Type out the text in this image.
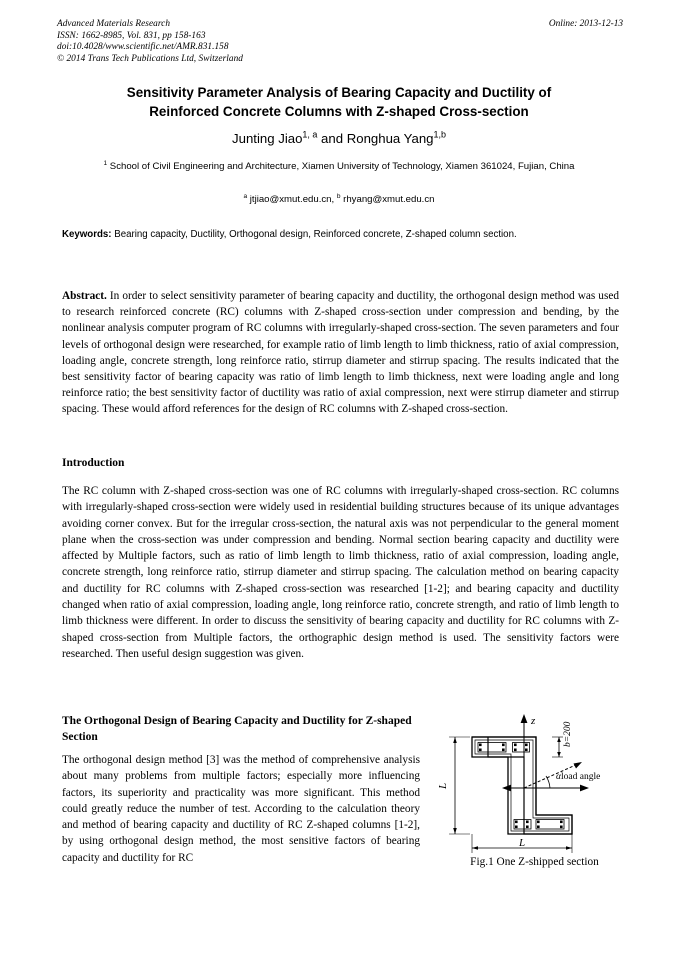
Advanced Materials Research
ISSN: 1662-8985, Vol. 831, pp 158-163
doi:10.4028/www.scientific.net/AMR.831.158
© 2014 Trans Tech Publications Ltd, Switzerland
Online: 2013-12-13
Sensitivity Parameter Analysis of Bearing Capacity and Ductility of
Reinforced Concrete Columns with Z-shaped Cross-section
Junting Jiao$^{1, a}$ and Ronghua Yang$^{1,b}$
$^1$ School of Civil Engineering and Architecture, Xiamen University of Technology, Xiamen 361024, Fujian, China
$^a$ jtjiao@xmut.edu.cn, $^b$ rhyang@xmut.edu.cn
Keywords: Bearing capacity, Ductility, Orthogonal design, Reinforced concrete, Z-shaped column section.
Abstract. In order to select sensitivity parameter of bearing capacity and ductility, the orthogonal design method was used to research reinforced concrete (RC) columns with Z-shaped cross-section under compression and bending, by the nonlinear analysis computer program of RC columns with irregularly-shaped cross-section. The seven parameters and four levels of orthogonal design were researched, for example ratio of limb length to limb thickness, ratio of axial compression, loading angle, concrete strength, long reinforce ratio, stirrup diameter and stirrup spacing. The results indicated that the best sensitivity factor of bearing capacity was ratio of limb length to limb thickness, next were loading angle and long reinforce ratio; the best sensitivity factor of ductility was ratio of axial compression, next were stirrup diameter and stirrup spacing. These would afford references for the design of RC columns with Z-shaped cross-section.
Introduction
The RC column with Z-shaped cross-section was one of RC columns with irregularly-shaped cross-section. RC columns with irregularly-shaped cross-section were widely used in residential building structures because of its unique advantages avoiding corner convex. But for the irregular cross-section, the natural axis was not perpendicular to the general moment plane when the cross-section was under compression and bending. Normal section bearing capacity and ductility were affected by Multiple factors, such as ratio of limb length to limb thickness, ratio of axial compression, loading angle, concrete strength, long reinforce ratio, stirrup diameter and stirrup spacing. The calculation method on bearing capacity and ductility for RC columns with Z-shaped cross-section was researched [1-2]; and bearing capacity and ductility changed when ratio of axial compression, loading angle, long reinforce ratio, concrete strength, and ratio of limb length to limb thickness were different. In order to discuss the sensitivity of bearing capacity and ductility for RC columns with Z-shaped cross-section from Multiple factors, the orthographic design method is used. The sensitivity factors were researched. Then useful design suggestion was given.
The Orthogonal Design of Bearing Capacity and Ductility for Z-shaped Section
The orthogonal design method [3] was the method of comprehensive analysis about many problems from multiple factors; especially more influencing factors, its superiority and practicality was more significant. This method could greatly reduce the number of test. According to the calculation theory and method of bearing capacity and ductility of RC Z-shaped columns [1-2], by using orthogonal design method, the most sensitive factors of bearing capacity and ductility for RC
z
b=200
L
L
αload angle
Fig.1 One Z-shipped section
